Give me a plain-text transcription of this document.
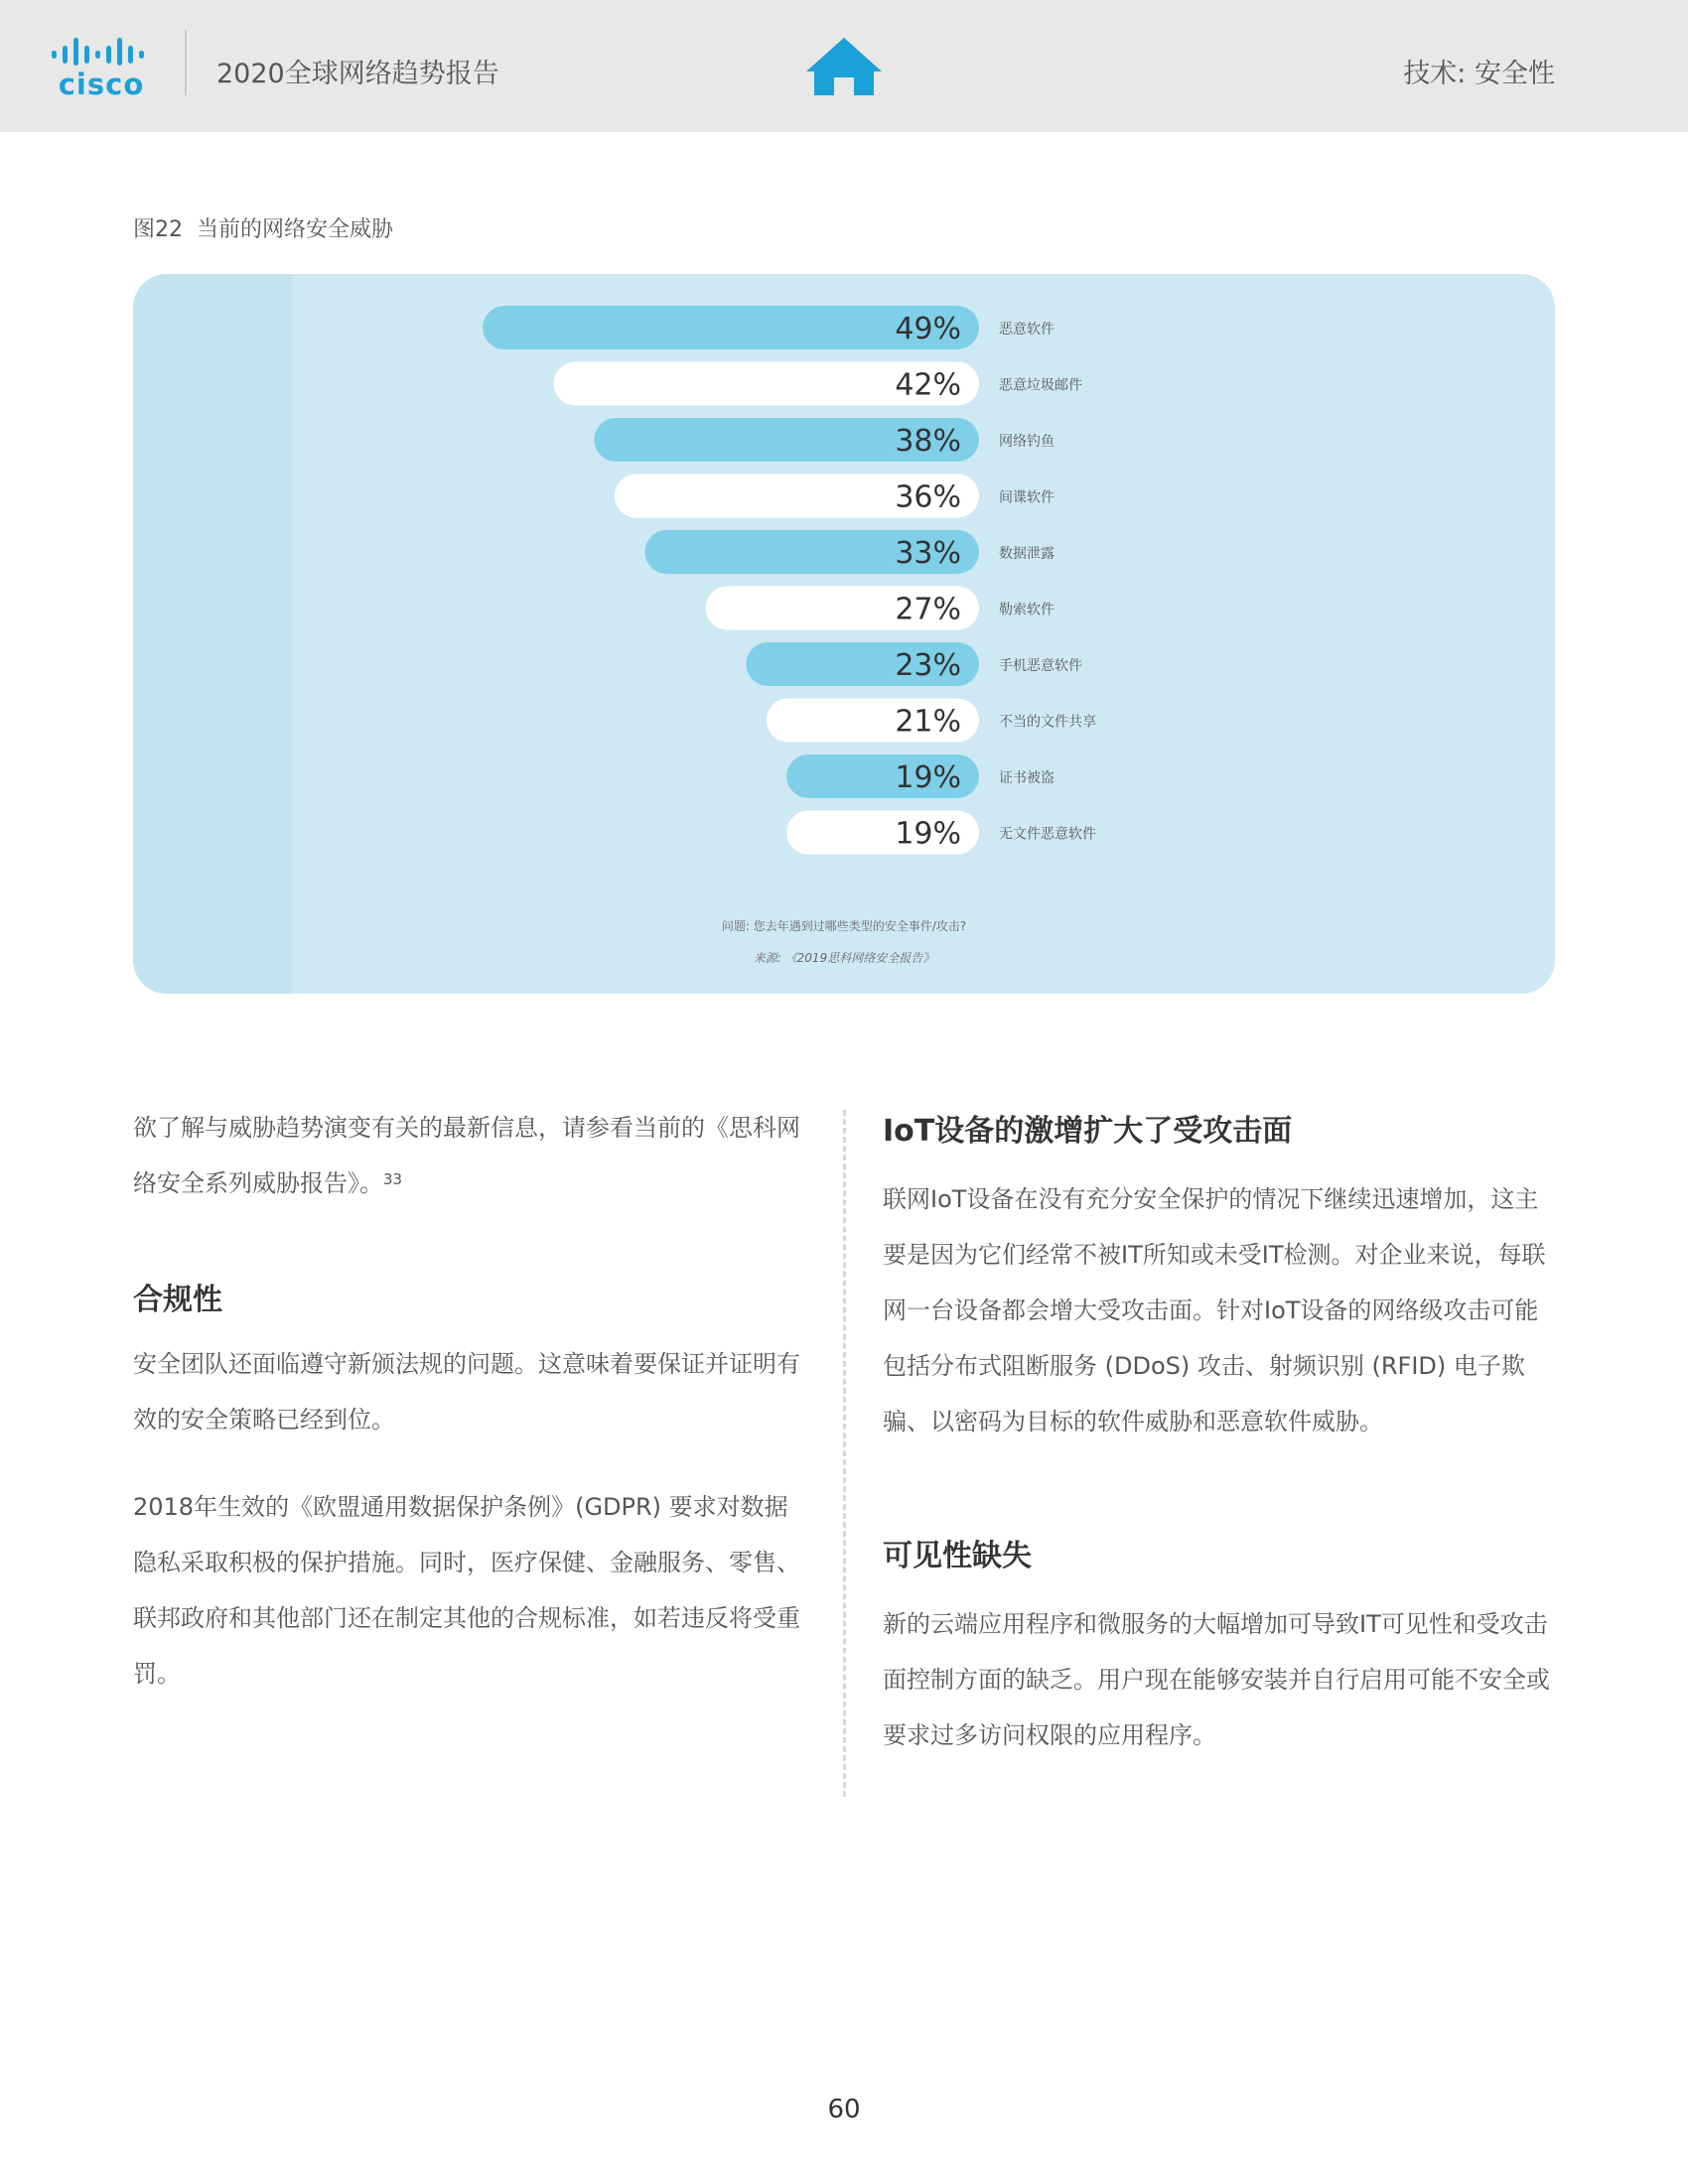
cisco	2020全球网络趋势报告	技术: 安全性
图22 当前的网络安全威胁
49%	恶意软件
42%	恶意垃圾邮件
38%	网络钓鱼
36%	间谍软件
33%	数据泄露
27%	勒索软件
23%	手机恶意软件
21%	不当的文件共享
19%	证书被盗
19%	无文件恶意软件
问题: 您去年遇到过哪些类型的安全事件/攻击?
来源: 《2019思科网络安全报告》

欲了解与威胁趋势演变有关的最新信息，请参看当前的《思科网络安全系列威胁报告》。$^{33}$

合规性

安全团队还面临遵守新颁法规的问题。这意味着要保证并证明有效的安全策略已经到位。

2018年生效的《欧盟通用数据保护条例》(GDPR) 要求对数据隐私采取积极的保护措施。同时，医疗保健、金融服务、零售、联邦政府和其他部门还在制定其他的合规标准，如若违反将受重罚。

IoT设备的激增扩大了受攻击面

联网IoT设备在没有充分安全保护的情况下继续迅速增加，这主要是因为它们经常不被IT所知或未受IT检测。对企业来说，每联网一台设备都会增大受攻击面。针对IoT设备的网络级攻击可能包括分布式阻断服务 (DDoS) 攻击、射频识别 (RFID) 电子欺骗、以密码为目标的软件威胁和恶意软件威胁。

可见性缺失

新的云端应用程序和微服务的大幅增加可导致IT可见性和受攻击面控制方面的缺乏。用户现在能够安装并自行启用可能不安全或要求过多访问权限的应用程序。

60
